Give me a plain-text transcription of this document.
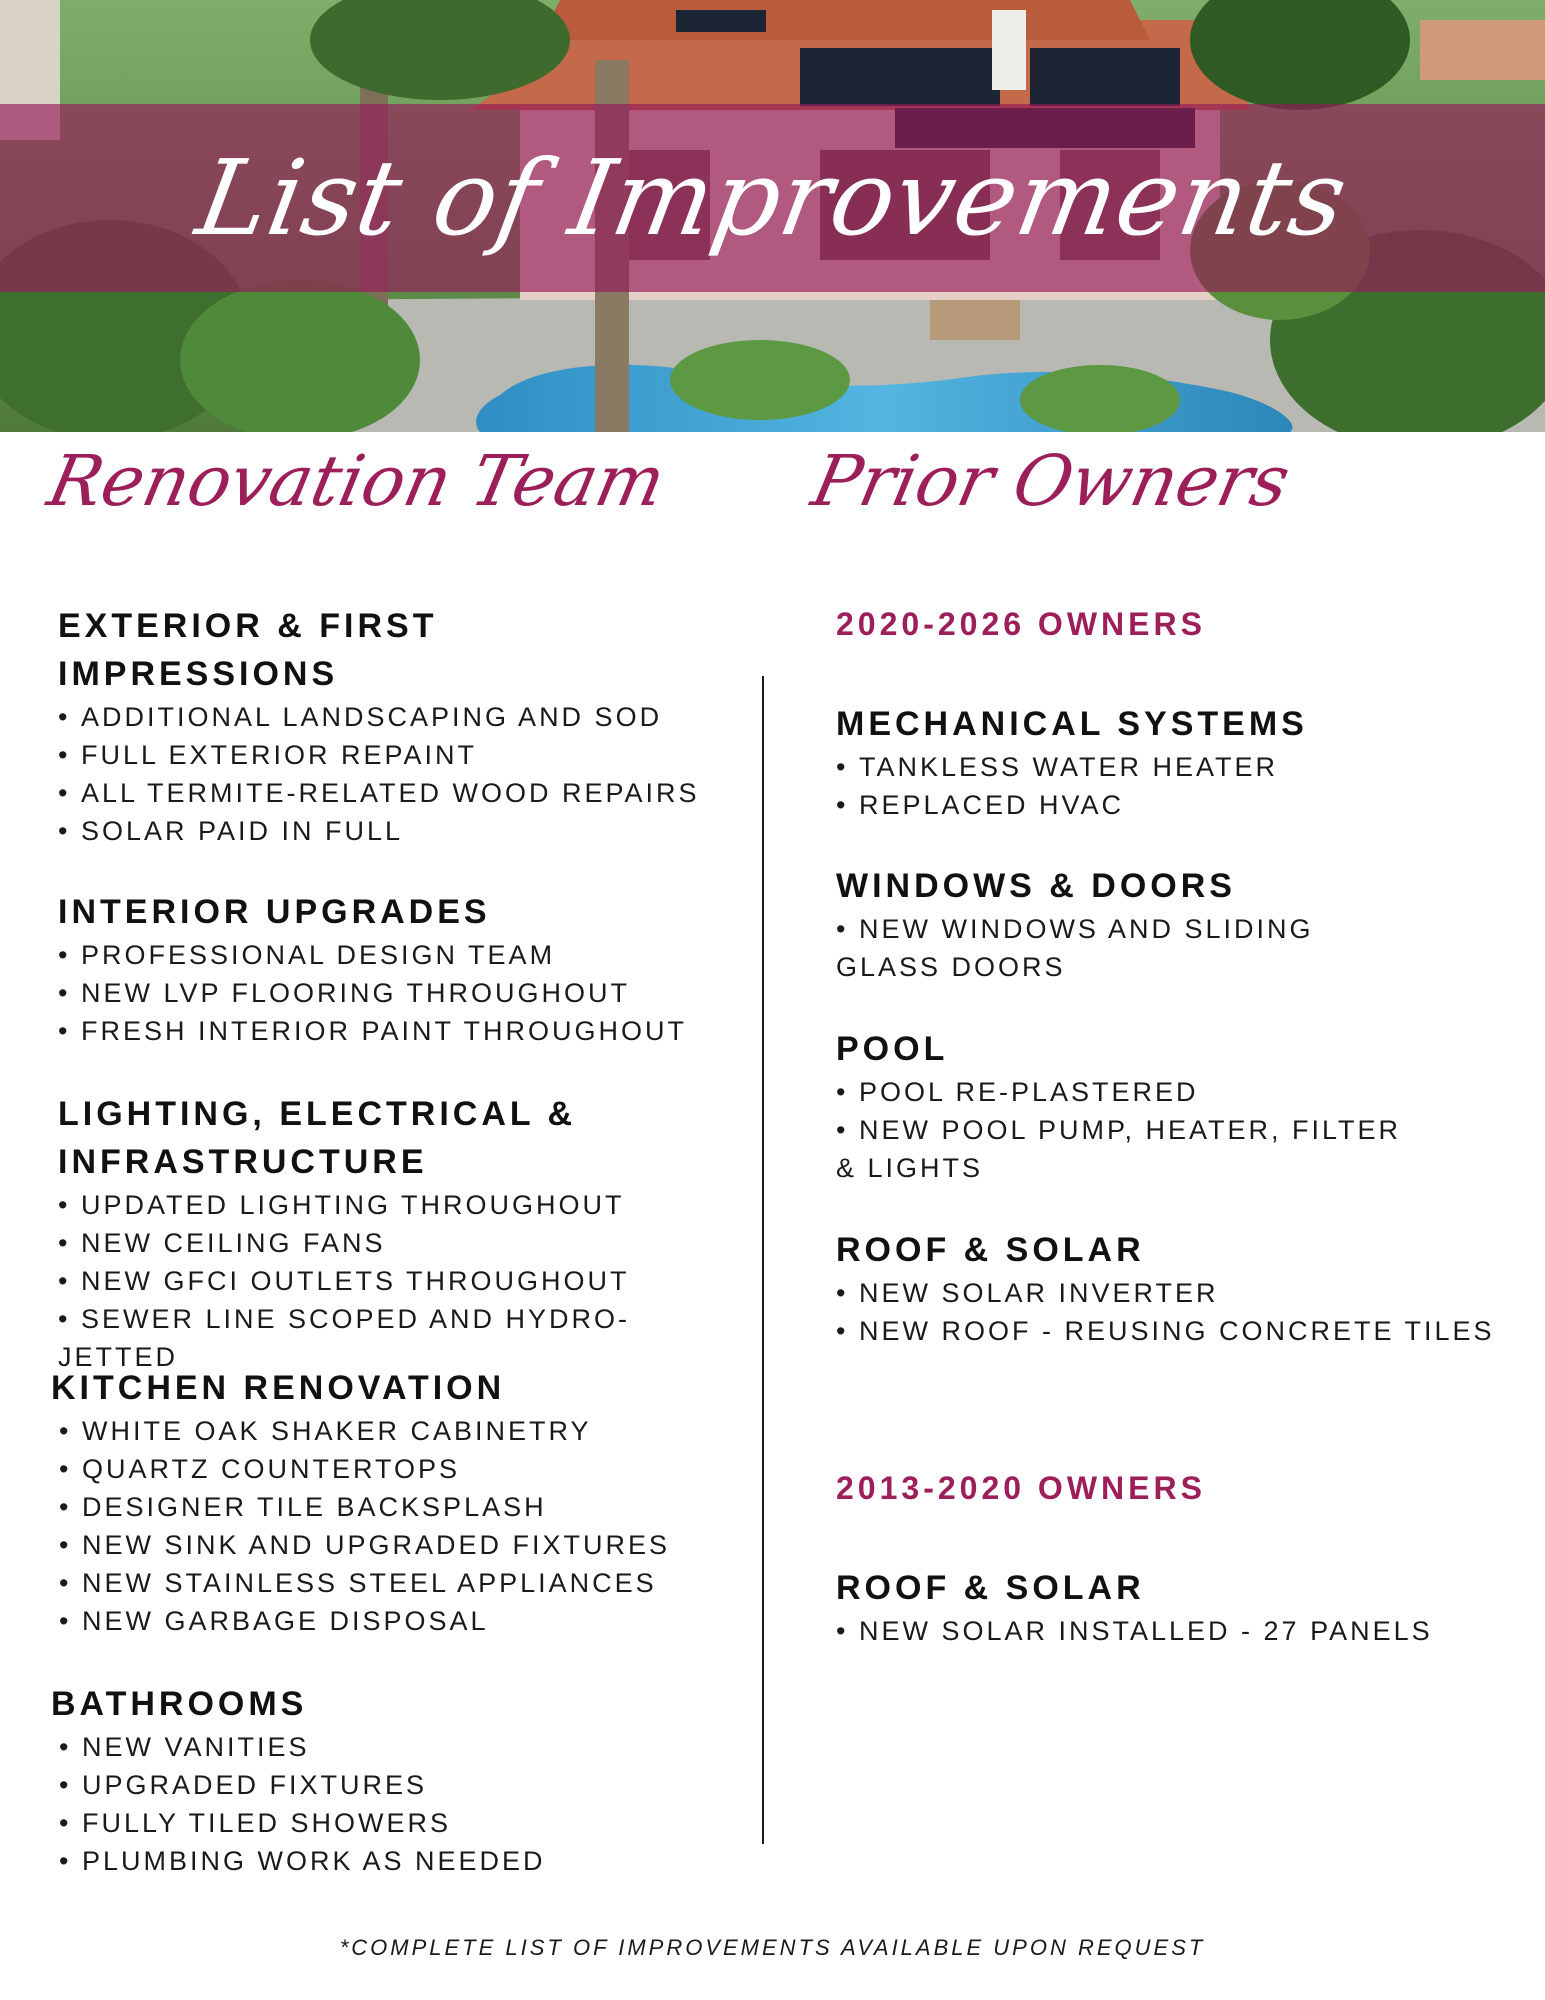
List of Improvements
Renovation Team Prior Owners
EXTERIOR & FIRST IMPRESSIONS
• ADDITIONAL LANDSCAPING AND SOD
• FULL EXTERIOR REPAINT
• ALL TERMITE-RELATED WOOD REPAIRS
• SOLAR PAID IN FULL
INTERIOR UPGRADES
• PROFESSIONAL DESIGN TEAM
• NEW LVP FLOORING THROUGHOUT
• FRESH INTERIOR PAINT THROUGHOUT
LIGHTING, ELECTRICAL & INFRASTRUCTURE
• UPDATED LIGHTING THROUGHOUT
• NEW CEILING FANS
• NEW GFCI OUTLETS THROUGHOUT
• SEWER LINE SCOPED AND HYDRO-JETTED
KITCHEN RENOVATION
• WHITE OAK SHAKER CABINETRY
• QUARTZ COUNTERTOPS
• DESIGNER TILE BACKSPLASH
• NEW SINK AND UPGRADED FIXTURES
• NEW STAINLESS STEEL APPLIANCES
• NEW GARBAGE DISPOSAL
BATHROOMS
• NEW VANITIES
• UPGRADED FIXTURES
• FULLY TILED SHOWERS
• PLUMBING WORK AS NEEDED
2020-2026 OWNERS
MECHANICAL SYSTEMS
• TANKLESS WATER HEATER
• REPLACED HVAC
WINDOWS & DOORS
• NEW WINDOWS AND SLIDING GLASS DOORS
POOL
• POOL RE-PLASTERED
• NEW POOL PUMP, HEATER, FILTER & LIGHTS
ROOF & SOLAR
• NEW SOLAR INVERTER
• NEW ROOF - REUSING CONCRETE TILES
2013-2020 OWNERS
ROOF & SOLAR
• NEW SOLAR INSTALLED - 27 PANELS
*COMPLETE LIST OF IMPROVEMENTS AVAILABLE UPON REQUEST
